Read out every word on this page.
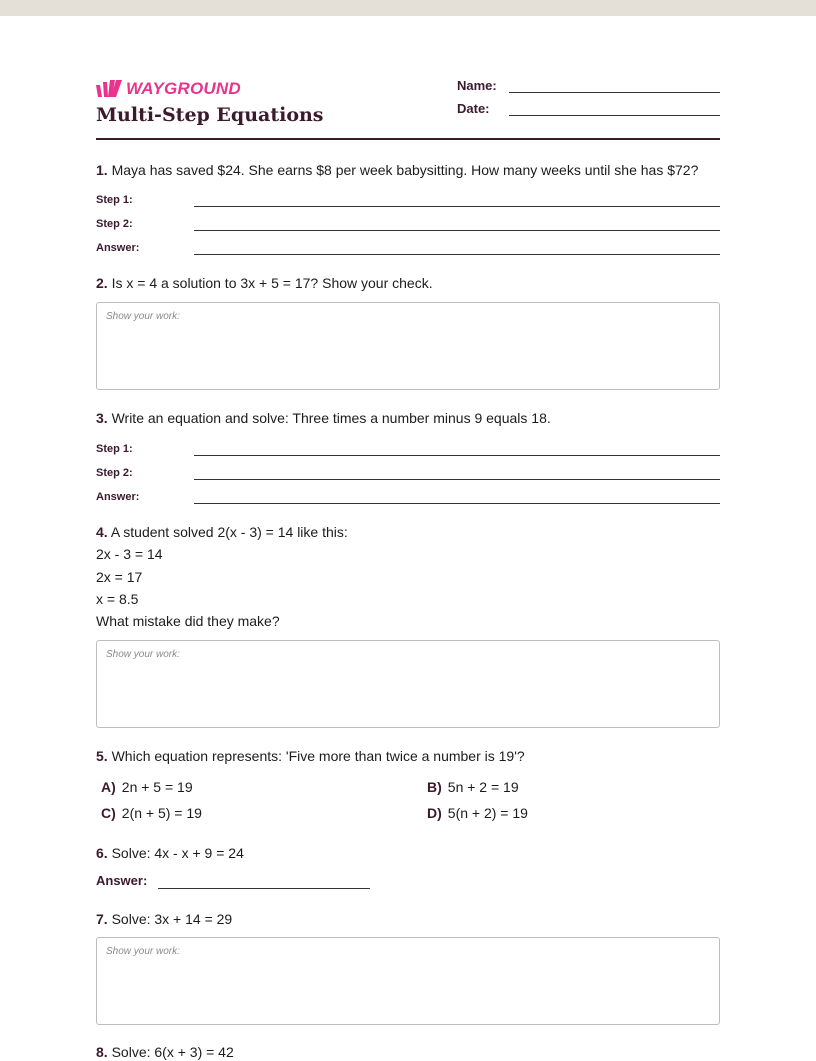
WAYGROUND
Multi-Step Equations
Name:
Date:
1. Maya has saved $24. She earns $8 per week babysitting. How many weeks until she has $72?
Step 1:
Step 2:
Answer:
2. Is x = 4 a solution to 3x + 5 = 17? Show your check.
Show your work:
3. Write an equation and solve: Three times a number minus 9 equals 18.
Step 1:
Step 2:
Answer:
4. A student solved 2(x - 3) = 14 like this:
2x - 3 = 14
2x = 17
x = 8.5
What mistake did they make?
Show your work:
5. Which equation represents: 'Five more than twice a number is 19'?
A) 2n + 5 = 19	B) 5n + 2 = 19
C) 2(n + 5) = 19	D) 5(n + 2) = 19
6. Solve: 4x - x + 9 = 24
Answer:
7. Solve: 3x + 14 = 29
Show your work:
8. Solve: 6(x + 3) = 42
